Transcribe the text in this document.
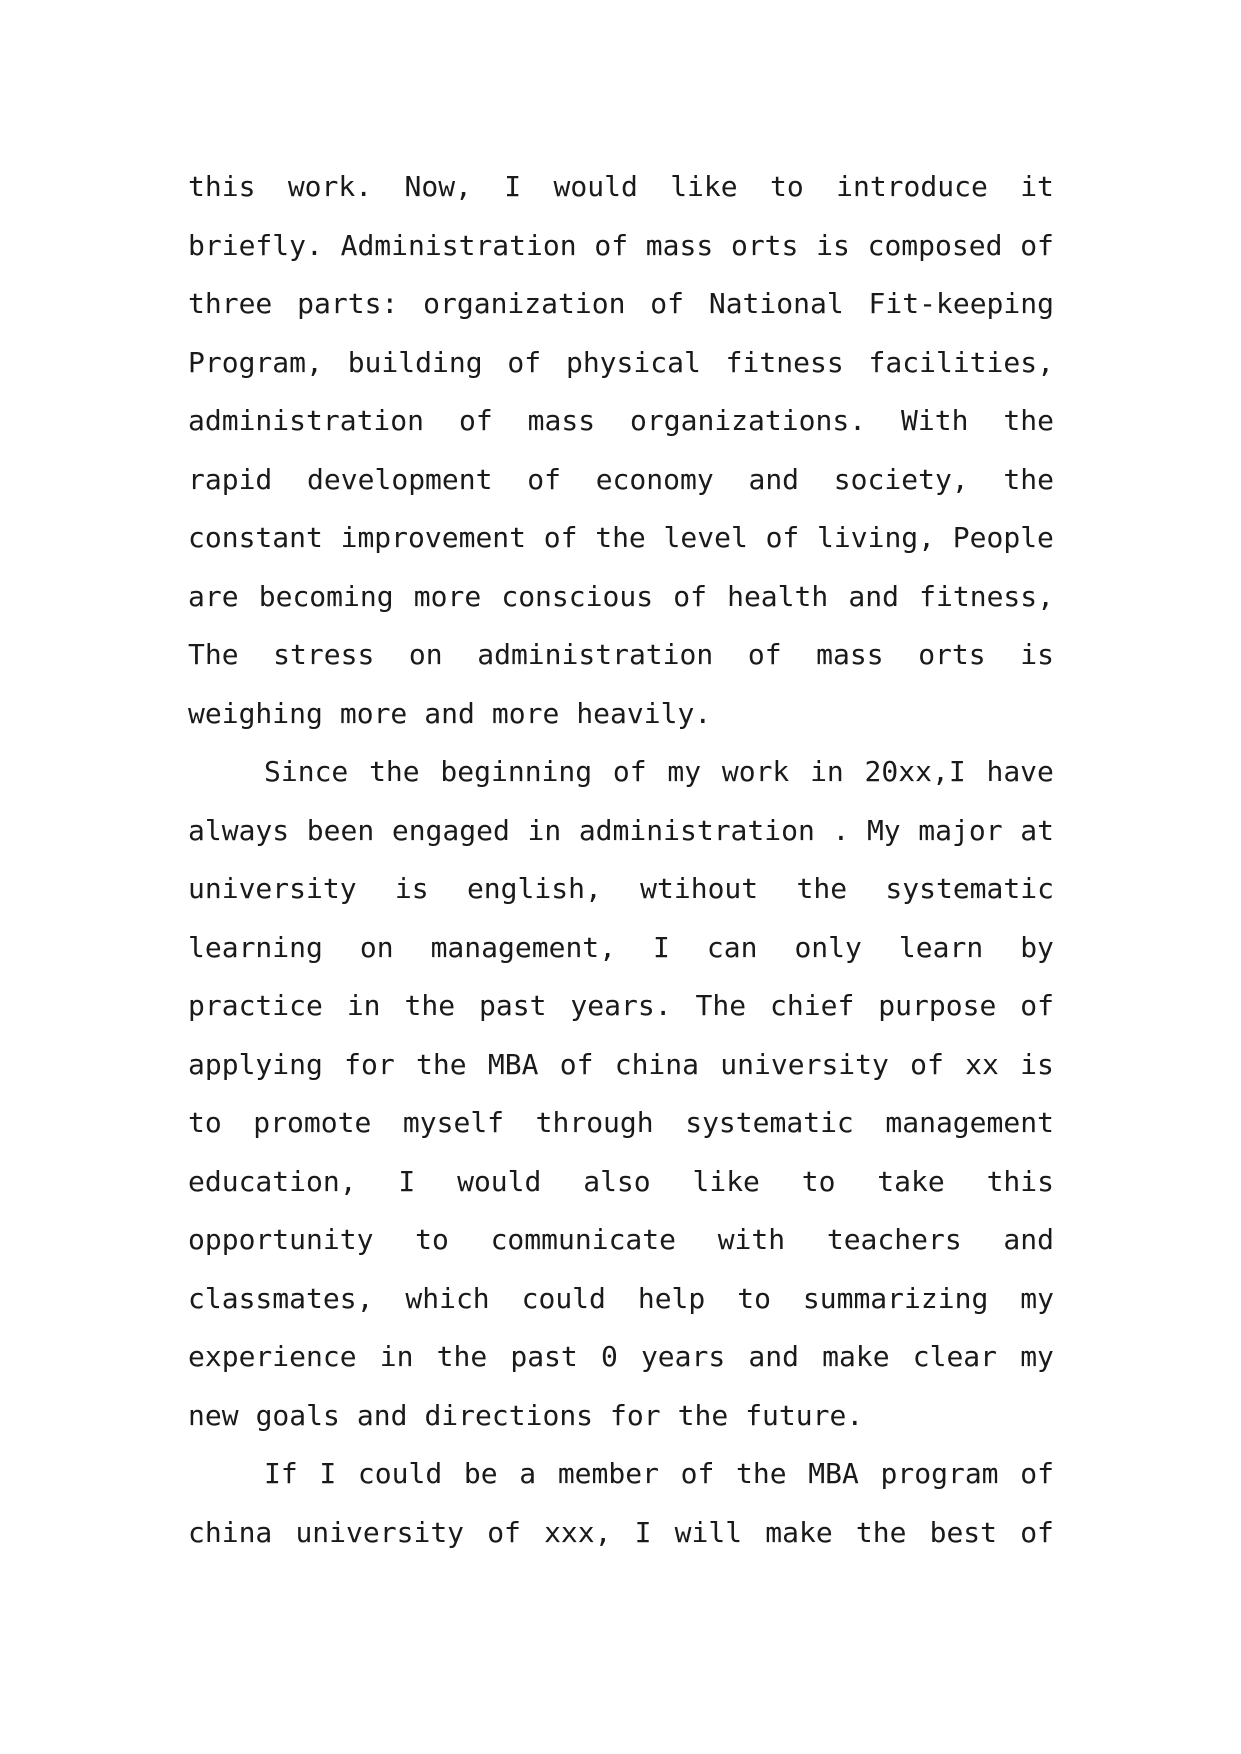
this work. Now, I would like to introduce it
briefly. Administration of mass orts is composed of
three parts: organization of National Fit-keeping
Program, building of physical fitness facilities,
administration of mass organizations. With the
rapid development of economy and society, the
constant improvement of the level of living, People
are becoming more conscious of health and fitness,
The stress on administration of mass orts is
weighing more and more heavily.
Since the beginning of my work in 20xx,I have
always been engaged in administration . My major at
university is english, wtihout the systematic
learning on management, I can only learn by
practice in the past years. The chief purpose of
applying for the MBA of china university of xx is
to promote myself through systematic management
education, I would also like to take this
opportunity to communicate with teachers and
classmates, which could help to summarizing my
experience in the past 0 years and make clear my
new goals and directions for the future.
If I could be a member of the MBA program of
china university of xxx, I will make the best of
